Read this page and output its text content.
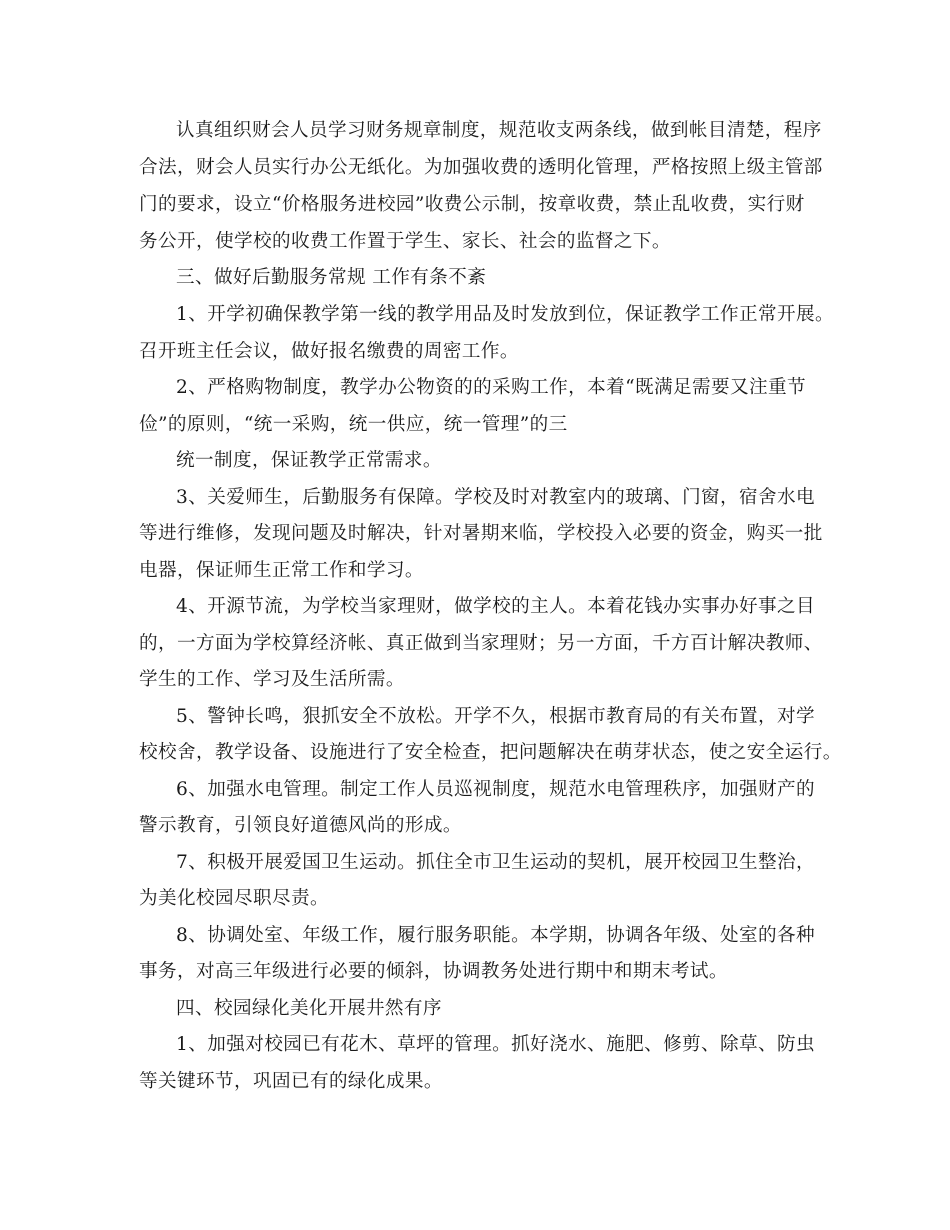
认真组织财会人员学习财务规章制度，规范收支两条线，做到帐目清楚，程序
合法，财会人员实行办公无纸化。为加强收费的透明化管理，严格按照上级主管部
门的要求，设立“价格服务进校园”收费公示制，按章收费，禁止乱收费，实行财
务公开，使学校的收费工作置于学生、家长、社会的监督之下。
三、做好后勤服务常规 工作有条不紊
1、开学初确保教学第一线的教学用品及时发放到位，保证教学工作正常开展。
召开班主任会议，做好报名缴费的周密工作。
2、严格购物制度，教学办公物资的的采购工作，本着“既满足需要又注重节
俭”的原则，“统一采购，统一供应，统一管理”的三
统一制度，保证教学正常需求。
3、关爱师生，后勤服务有保障。学校及时对教室内的玻璃、门窗，宿舍水电
等进行维修，发现问题及时解决，针对暑期来临，学校投入必要的资金，购买一批
电器，保证师生正常工作和学习。
4、开源节流，为学校当家理财，做学校的主人。本着花钱办实事办好事之目
的，一方面为学校算经济帐、真正做到当家理财；另一方面，千方百计解决教师、
学生的工作、学习及生活所需。
5、警钟长鸣，狠抓安全不放松。开学不久，根据市教育局的有关布置，对学
校校舍，教学设备、设施进行了安全检查，把问题解决在萌芽状态，使之安全运行。
6、加强水电管理。制定工作人员巡视制度，规范水电管理秩序，加强财产的
警示教育，引领良好道德风尚的形成。
7、积极开展爱国卫生运动。抓住全市卫生运动的契机，展开校园卫生整治，
为美化校园尽职尽责。
8、协调处室、年级工作，履行服务职能。本学期，协调各年级、处室的各种
事务，对高三年级进行必要的倾斜，协调教务处进行期中和期末考试。
四、校园绿化美化开展井然有序
1、加强对校园已有花木、草坪的管理。抓好浇水、施肥、修剪、除草、防虫
等关键环节，巩固已有的绿化成果。
